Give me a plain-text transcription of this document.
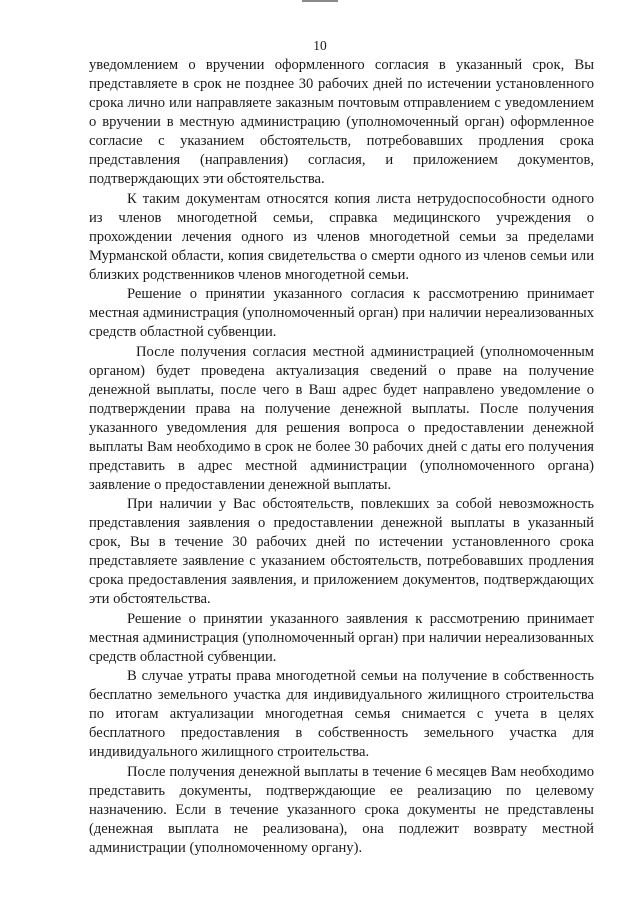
10

уведомлением о вручении оформленного согласия в указанный срок, Вы представляете в срок не позднее 30 рабочих дней по истечении установленного срока лично или направляете заказным почтовым отправлением с уведомлением о вручении в местную администрацию (уполномоченный орган) оформленное согласие с указанием обстоятельств, потребовавших продления срока представления (направления) согласия, и приложением документов, подтверждающих эти обстоятельства.

К таким документам относятся копия листа нетрудоспособности одного из членов многодетной семьи, справка медицинского учреждения о прохождении лечения одного из членов многодетной семьи за пределами Мурманской области, копия свидетельства о смерти одного из членов семьи или близких родственников членов многодетной семьи.

Решение о принятии указанного согласия к рассмотрению принимает местная администрация (уполномоченный орган) при наличии нереализованных средств областной субвенции.

После получения согласия местной администрацией (уполномоченным органом) будет проведена актуализация сведений о праве на получение денежной выплаты, после чего в Ваш адрес будет направлено уведомление о подтверждении права на получение денежной выплаты. После получения указанного уведомления для решения вопроса о предоставлении денежной выплаты Вам необходимо в срок не более 30 рабочих дней с даты его получения представить в адрес местной администрации (уполномоченного органа) заявление о предоставлении денежной выплаты.

При наличии у Вас обстоятельств, повлекших за собой невозможность представления заявления о предоставлении денежной выплаты в указанный срок, Вы в течение 30 рабочих дней по истечении установленного срока представляете заявление с указанием обстоятельств, потребовавших продления срока предоставления заявления, и приложением документов, подтверждающих эти обстоятельства.

Решение о принятии указанного заявления к рассмотрению принимает местная администрация (уполномоченный орган) при наличии нереализованных средств областной субвенции.

В случае утраты права многодетной семьи на получение в собственность бесплатно земельного участка для индивидуального жилищного строительства по итогам актуализации многодетная семья снимается с учета в целях бесплатного предоставления в собственность земельного участка для индивидуального жилищного строительства.

После получения денежной выплаты в течение 6 месяцев Вам необходимо представить документы, подтверждающие ее реализацию по целевому назначению. Если в течение указанного срока документы не представлены (денежная выплата не реализована), она подлежит возврату местной администрации (уполномоченному органу).
